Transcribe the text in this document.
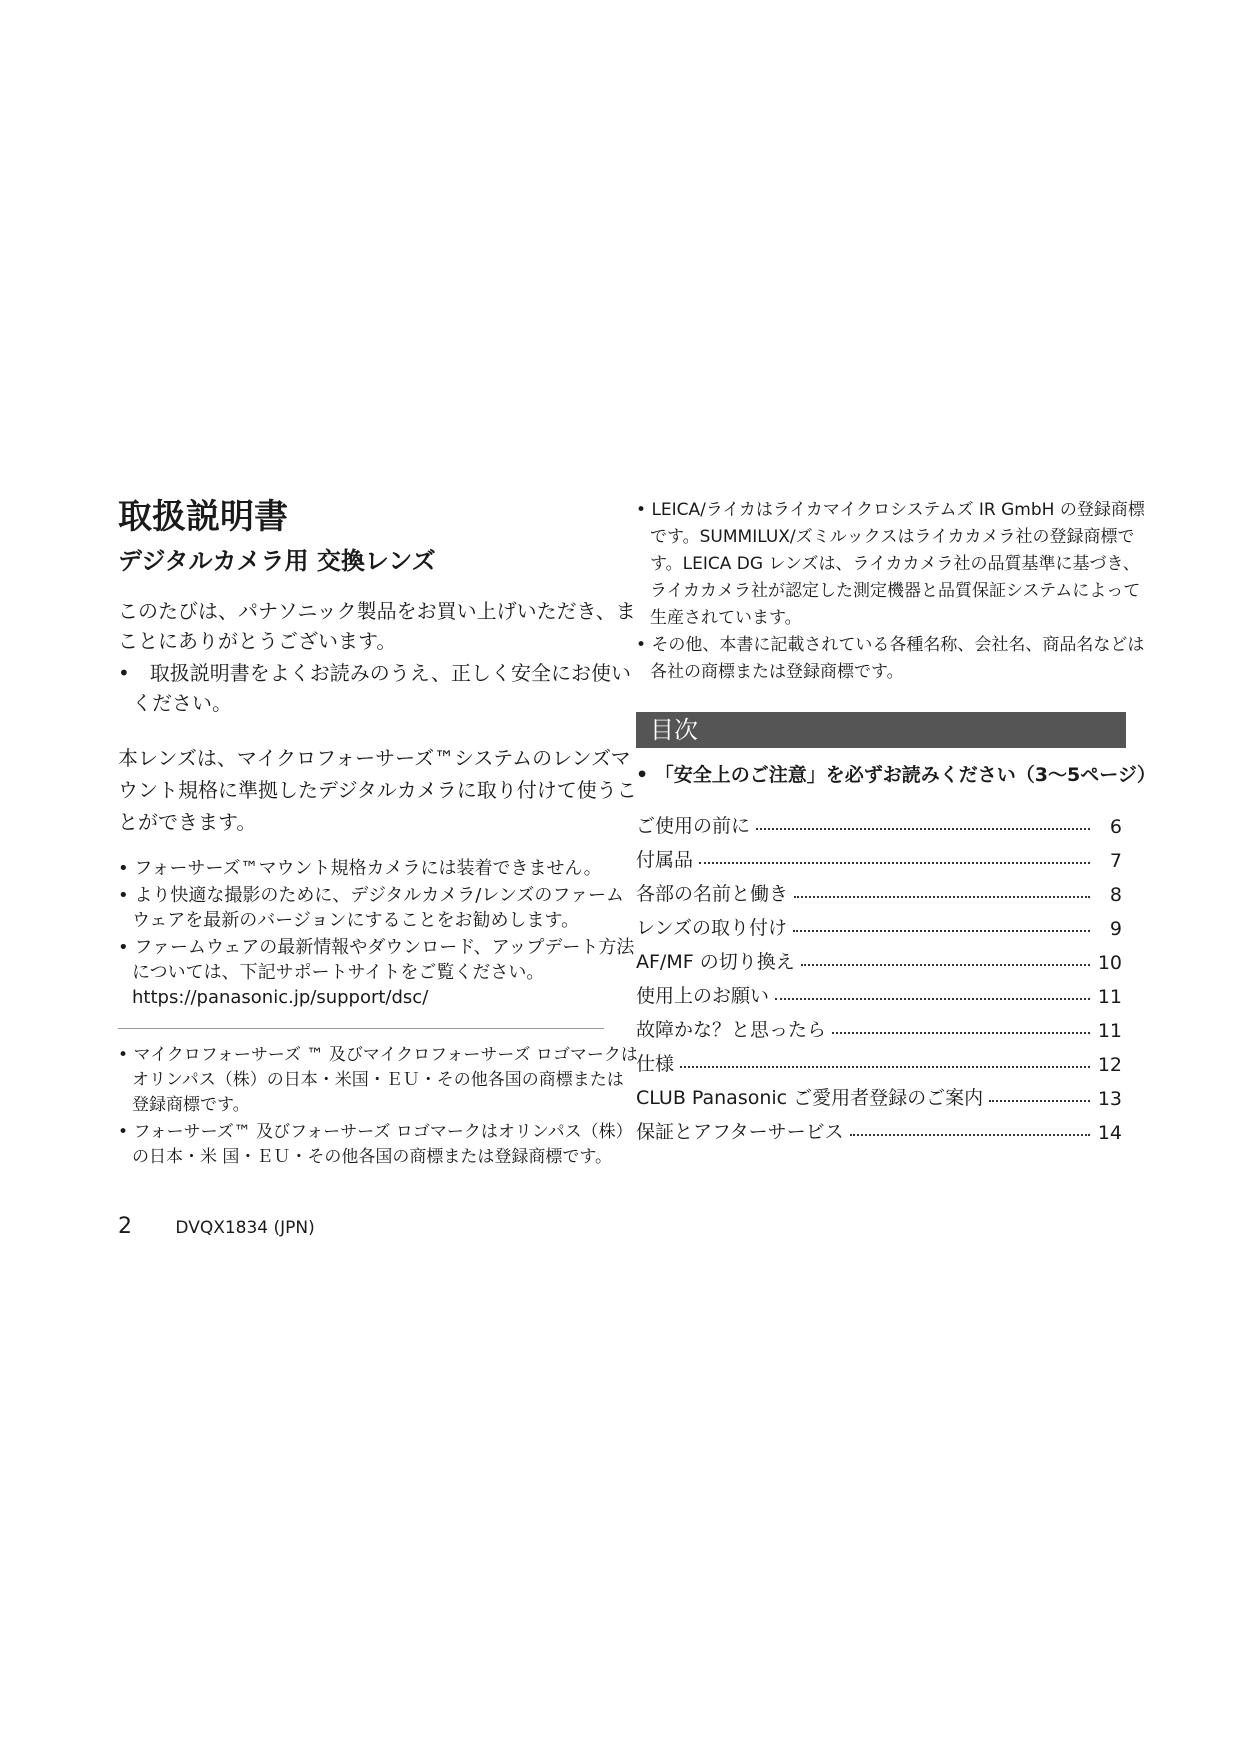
取扱説明書
デジタルカメラ用 交換レンズ

このたびは、パナソニック製品をお買い上げいただき、まことにありがとうございます。

•　取扱説明書をよくお読みのうえ、正しく安全にお使いください。

本レンズは、マイクロフォーサーズ™システムのレンズマウント規格に準拠したデジタルカメラに取り付けて使うことができます。

• フォーサーズ™マウント規格カメラには装着できません。

• より快適な撮影のために、デジタルカメラ/レンズのファームウェアを最新のバージョンにすることをお勧めします。

• ファームウェアの最新情報やダウンロード、アップデート方法については、下記サポートサイトをご覧ください。
https://panasonic.jp/support/dsc/

• マイクロフォーサーズ ™ 及びマイクロフォーサーズ ロゴマークはオリンパス（株）の日本・米国・ＥＵ・その他各国の商標または登録商標です。

• フォーサーズ™ 及びフォーサーズ ロゴマークはオリンパス（株）の日本・米 国・ＥＵ・その他各国の商標または登録商標です。

• LEICA/ライカはライカマイクロシステムズ IR GmbH の登録商標です。SUMMILUX/ズミルックスはライカカメラ社の登録商標です。LEICA DG レンズは、ライカカメラ社の品質基準に基づき、ライカカメラ社が認定した測定機器と品質保証システムによって生産されています。

• その他、本書に記載されている各種名称、会社名、商品名などは各社の商標または登録商標です。

目次

• 「安全上のご注意」を必ずお読みください（3～5ページ）

ご使用の前に	6
付属品	7
各部の名前と働き	8
レンズの取り付け	9
AF/MF の切り換え	10
使用上のお願い	11
故障かな？と思ったら	11
仕様	12
CLUB Panasonic ご愛用者登録のご案内	13
保証とアフターサービス	14
2	DVQX1834 (JPN)
